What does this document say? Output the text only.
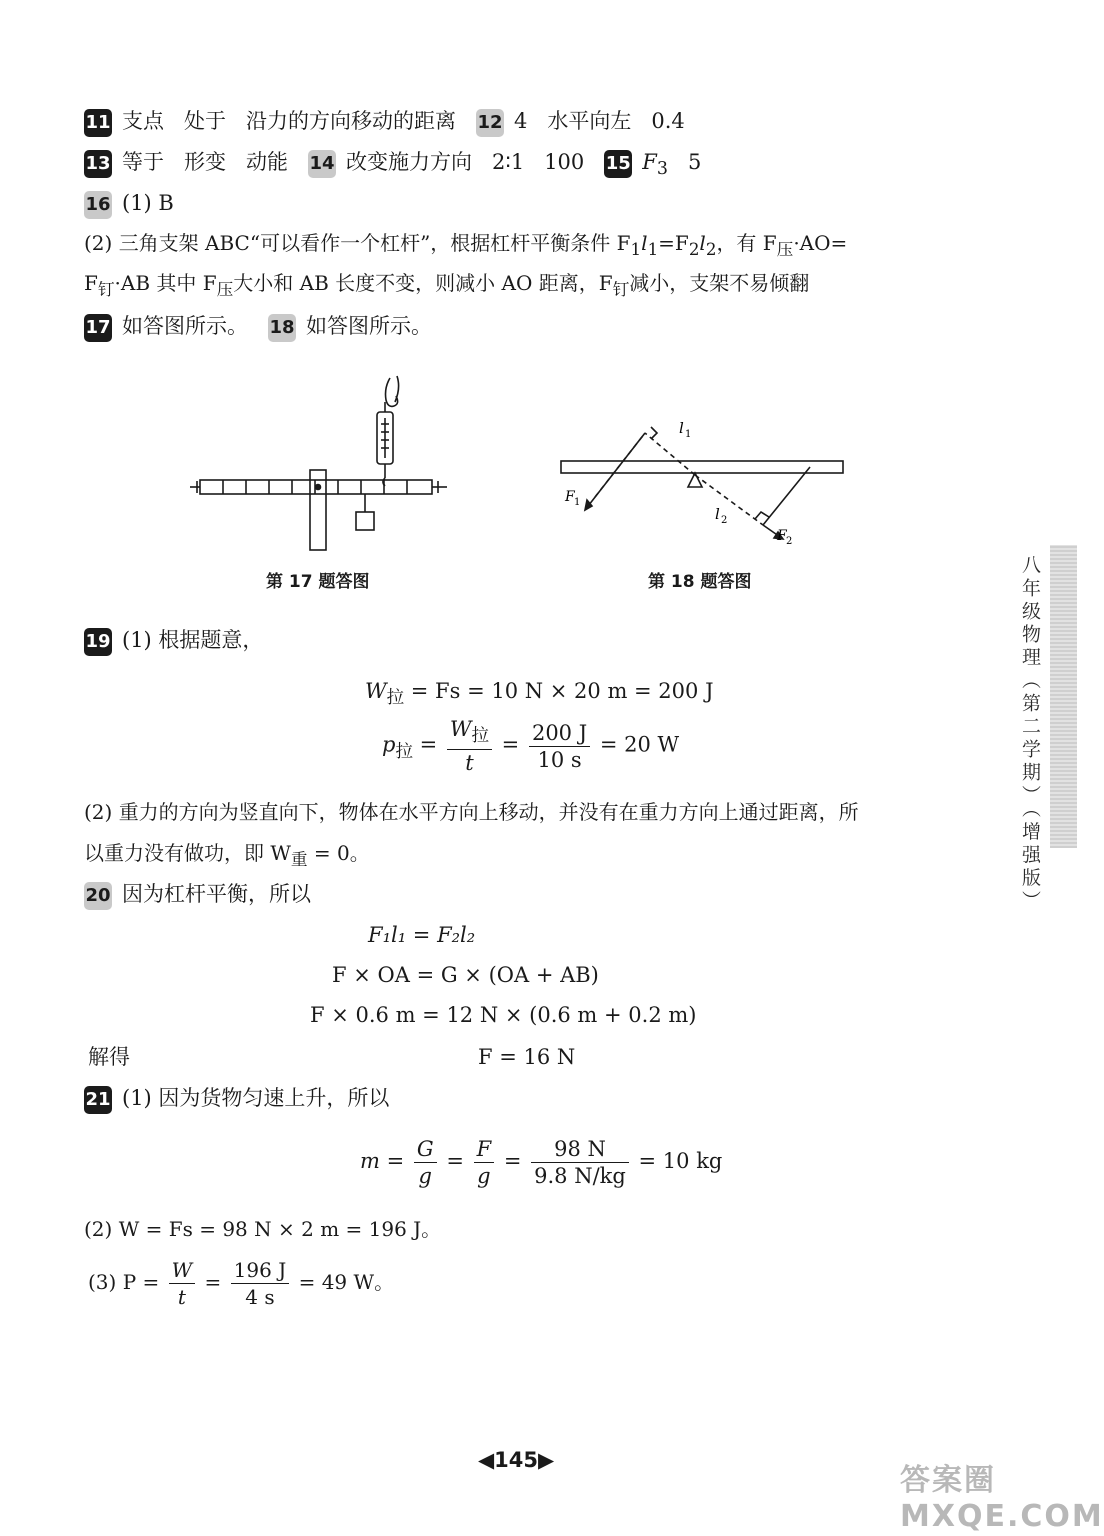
11 支点 处于 沿力的方向移动的距离 12 4 水平向左 0.4
13 等于 形变 动能 14 改变施力方向 2∶1 100 15 $F_3$ 5
16 (1) B
(2) 三角支架 ABC“可以看作一个杠杆”，根据杠杆平衡条件 $F_1l_1=F_2l_2$，有 $F_压\cdot AO=$
$F_钉\cdot AB$ 其中 $F_压$大小和 AB 长度不变，则减小 AO 距离，$F_钉$减小，支架不易倾翻
17 如答图所示。 18 如答图所示。
l 1
l 2
F 1
F 2
第 17 题答图	第 18 题答图
19 (1) 根据题意，
$W_拉 = Fs = 10$ N × 20 m = 200 J
$p_拉 = \frac{W_拉}{t} = \frac{200 J}{10 s} = 20$ W
(2) 重力的方向为竖直向下，物体在水平方向上移动，并没有在重力方向上通过距离，所
以重力没有做功，即 $W_重 = 0$。
20 因为杠杆平衡，所以
F₁l₁ = F₂l₂
F × OA = G × (OA + AB)
F × 0.6 m = 12 N × (0.6 m + 0.2 m)
解得	F = 16 N
21 (1) 因为货物匀速上升，所以
$m = \frac{G}{g} = \frac{F}{g} = \frac{98 N}{9.8 N/kg} = 10$ kg
(2) W = Fs = 98 N × 2 m = 196 J。
(3) $P = \frac{W}{t} = \frac{196 J}{4 s} = 49$ W。
八年级物理（第二学期）（增强版）
◀145▶
答案圈 MXQE.COM
